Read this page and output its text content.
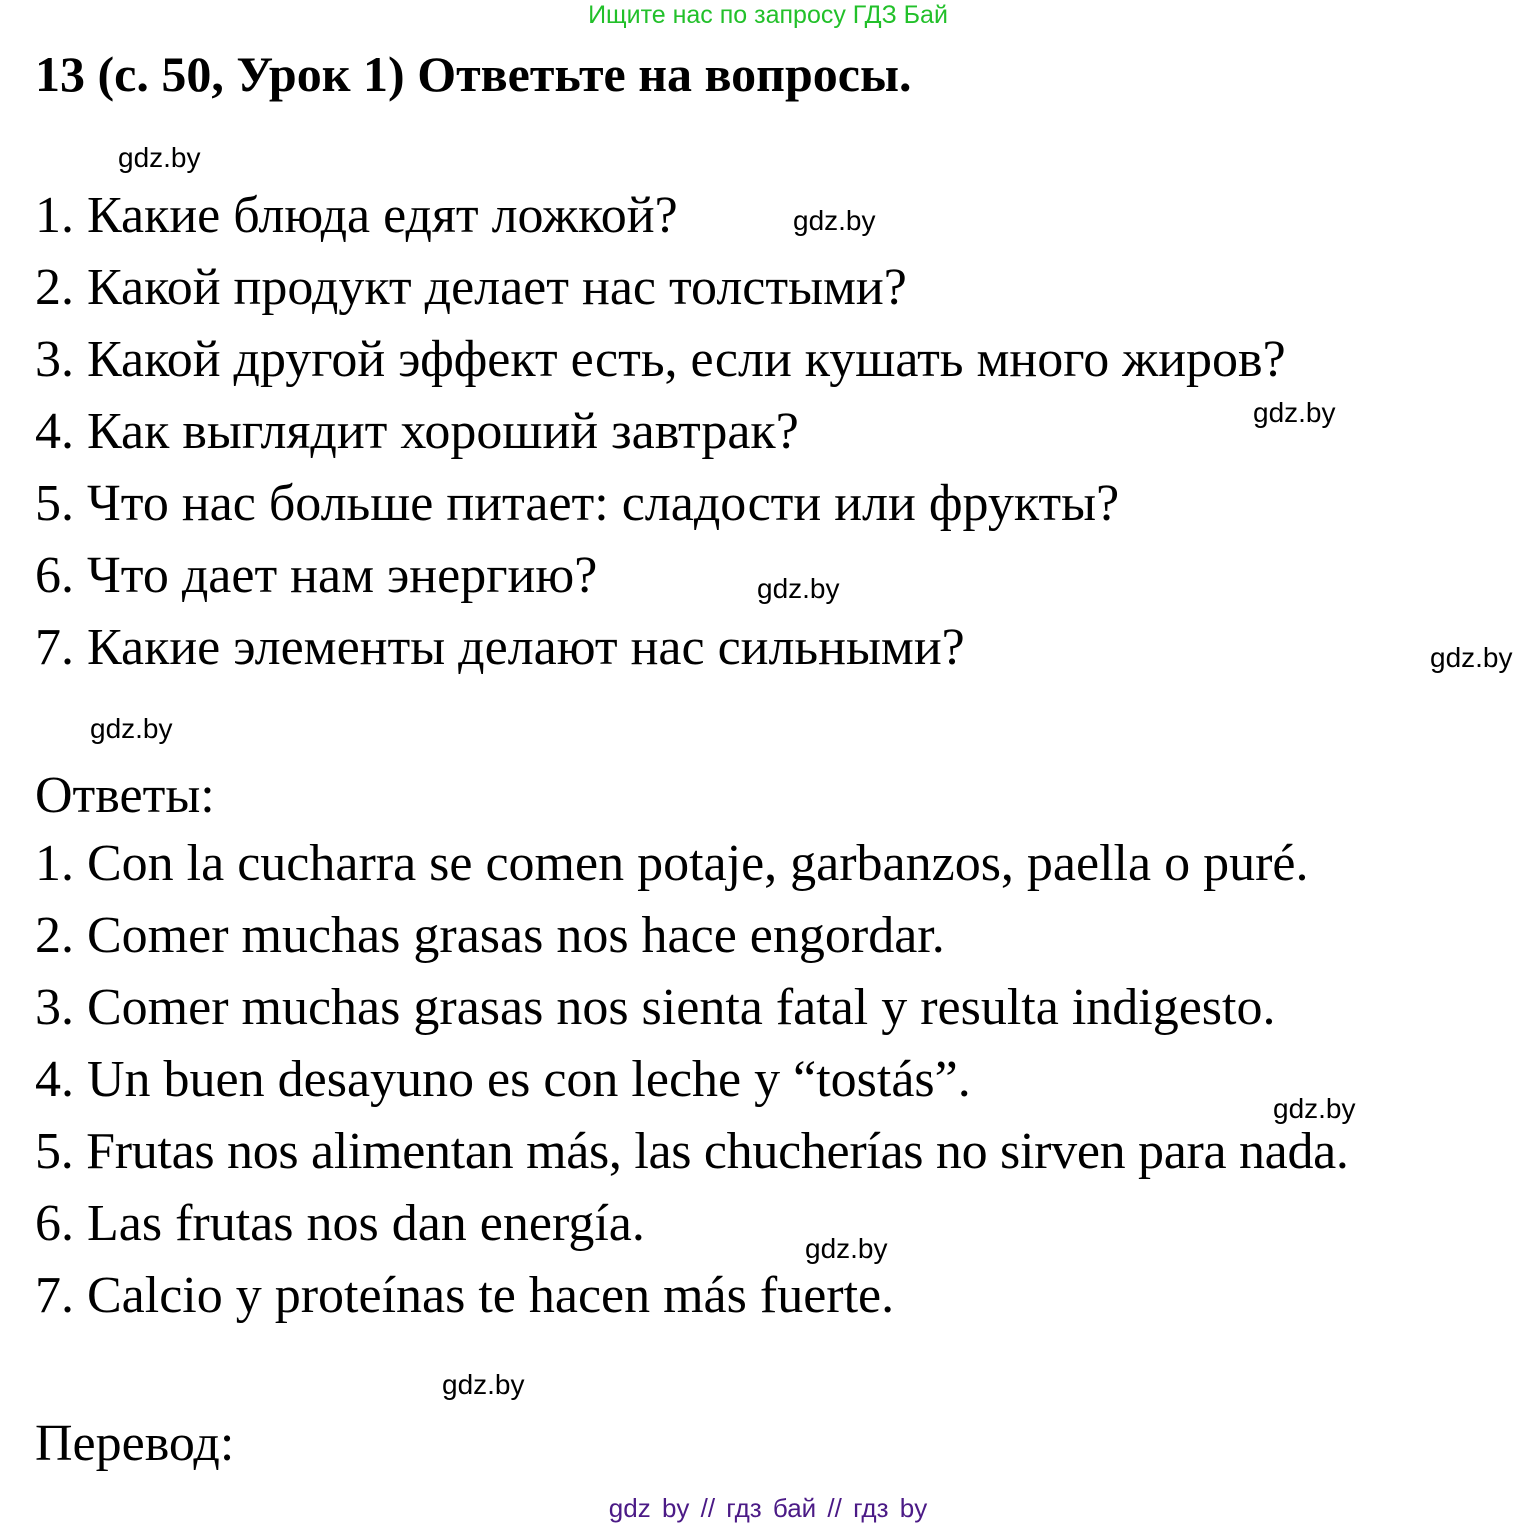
Ищите нас по запросу ГДЗ Бай
13 (с. 50, Урок 1) Ответьте на вопросы.
1. Какие блюда едят ложкой?
2. Какой продукт делает нас толстыми?
3. Какой другой эффект есть, если кушать много жиров?
4. Как выглядит хороший завтрак?
5. Что нас больше питает: сладости или фрукты?
6. Что дает нам энергию?
7. Какие элементы делают нас сильными?
Ответы:
1. Con la cucharra se comen potaje, garbanzos, paella o puré.
2. Comer muchas grasas nos hace engordar.
3. Comer muchas grasas nos sienta fatal y resulta indigesto.
4. Un buen desayuno es con leche y “tostás”.
5. Frutas nos alimentan más, las chucherías no sirven para nada.
6. Las frutas nos dan energía.
7. Calcio y proteínas te hacen más fuerte.
Перевод:
gdz.by
gdz.by
gdz.by
gdz.by
gdz.by
gdz.by
gdz.by
gdz.by
gdz.by
gdz by // гдз бай // гдз by
